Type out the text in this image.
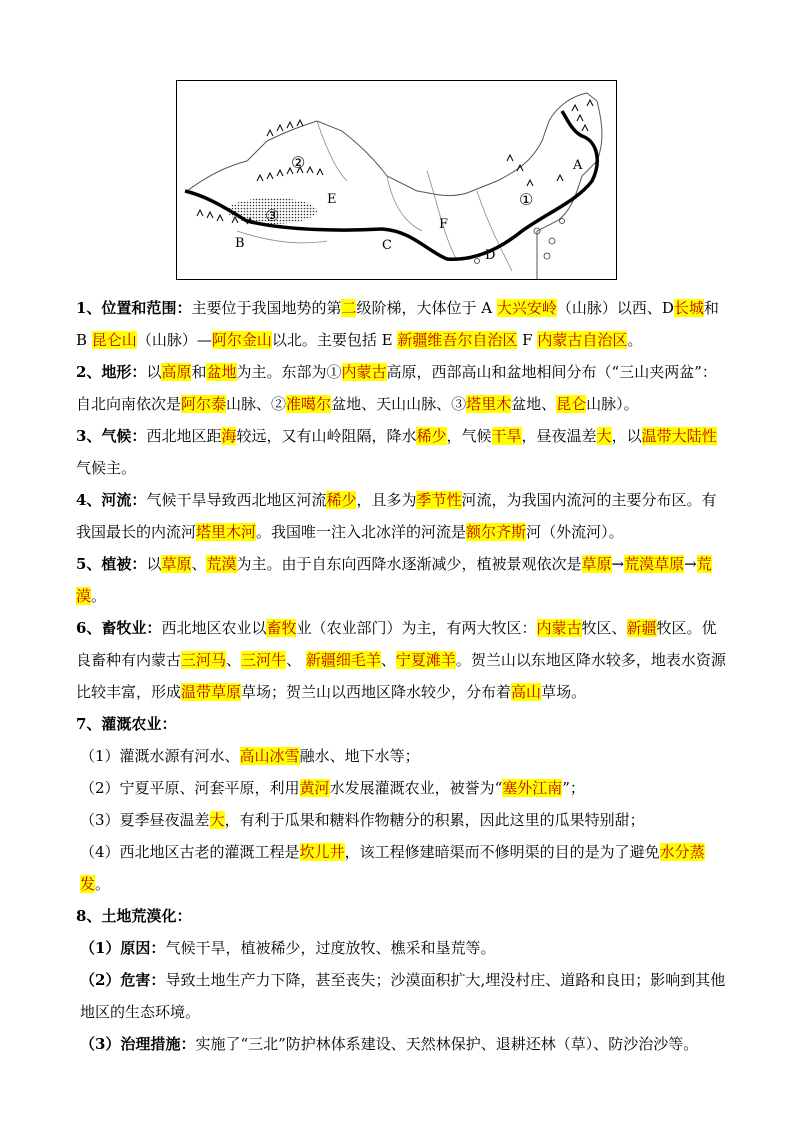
②
E
③
B	C
F
D
①
A

1、位置和范围：主要位于我国地势的第二级阶梯，大体位于 A 大兴安岭（山脉）以西、D长城和 B 昆仑山（山脉）—阿尔金山以北。主要包括 E 新疆维吾尔自治区 F 内蒙古自治区。

2、地形：以高原和盆地为主。东部为①内蒙古高原，西部高山和盆地相间分布（“三山夹两盆”：自北向南依次是阿尔泰山脉、②准噶尔盆地、天山山脉、③塔里木盆地、昆仑山脉）。

3、气候：西北地区距海较远，又有山岭阻隔，降水稀少，气候干旱，昼夜温差大，以温带大陆性气候主。

4、河流：气候干旱导致西北地区河流稀少，且多为季节性河流，为我国内流河的主要分布区。有我国最长的内流河塔里木河。我国唯一注入北冰洋的河流是额尔齐斯河（外流河）。

5、植被：以草原、荒漠为主。由于自东向西降水逐渐减少，植被景观依次是草原→荒漠草原→荒漠。

6、畜牧业：西北地区农业以畜牧业（农业部门）为主，有两大牧区：内蒙古牧区、新疆牧区。优良畜种有内蒙古三河马、三河牛、 新疆细毛羊、宁夏滩羊。贺兰山以东地区降水较多，地表水资源比较丰富，形成温带草原草场；贺兰山以西地区降水较少，分布着高山草场。

7、灌溉农业：

（1）灌溉水源有河水、高山冰雪融水、地下水等；

（2）宁夏平原、河套平原，利用黄河水发展灌溉农业，被誉为“塞外江南”；

（3）夏季昼夜温差大，有利于瓜果和糖料作物糖分的积累，因此这里的瓜果特别甜；

（4）西北地区古老的灌溉工程是坎儿井，该工程修建暗渠而不修明渠的目的是为了避免水分蒸发。

8、土地荒漠化：

（1）原因：气候干旱，植被稀少，过度放牧、樵采和垦荒等。

（2）危害：导致土地生产力下降，甚至丧失；沙漠面积扩大,埋没村庄、道路和良田；影响到其他地区的生态环境。

（3）治理措施：实施了“三北”防护林体系建设、天然林保护、退耕还林（草）、防沙治沙等。
